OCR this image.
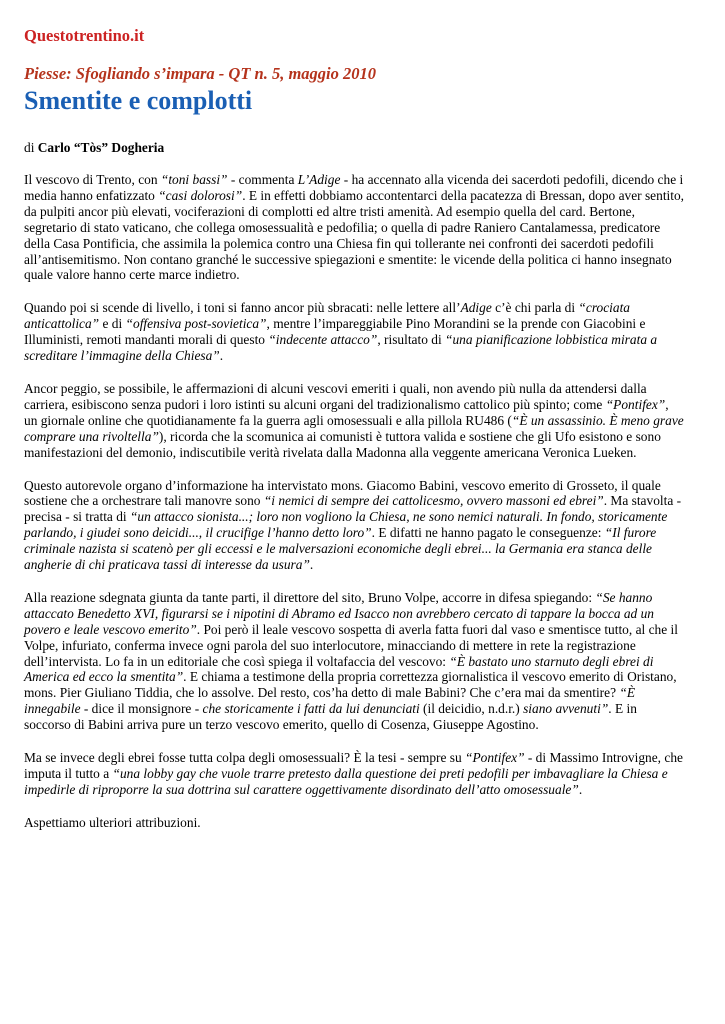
Questotrentino.it
Piesse: Sfogliando s’impara - QT n. 5, maggio 2010
Smentite e complotti
di Carlo “Tòs” Dogheria

Il vescovo di Trento, con “toni bassi” - commenta L’Adige - ha accennato alla vicenda dei sacerdoti pedofili, dicendo che i media hanno enfatizzato “casi dolorosi”. E in effetti dobbiamo accontentarci della pacatezza di Bressan, dopo aver sentito, da pulpiti ancor più elevati, vociferazioni di complotti ed altre tristi amenità. Ad esempio quella del card. Bertone, segretario di stato vaticano, che collega omosessualità e pedofilia; o quella di padre Raniero Cantalamessa, predicatore della Casa Pontificia, che assimila la polemica contro una Chiesa fin qui tollerante nei confronti dei sacerdoti pedofili all’antisemitismo. Non contano granché le successive spiegazioni e smentite: le vicende della politica ci hanno insegnato quale valore hanno certe marce indietro.

Quando poi si scende di livello, i toni si fanno ancor più sbracati: nelle lettere all’Adige c’è chi parla di “crociata anticattolica” e di “offensiva post-sovietica”, mentre l’impareggiabile Pino Morandini se la prende con Giacobini e Illuministi, remoti mandanti morali di questo “indecente attacco”, risultato di “una pianificazione lobbistica mirata a screditare l’immagine della Chiesa”.

Ancor peggio, se possibile, le affermazioni di alcuni vescovi emeriti i quali, non avendo più nulla da attendersi dalla carriera, esibiscono senza pudori i loro istinti su alcuni organi del tradizionalismo cattolico più spinto; come “Pontifex”, un giornale online che quotidianamente fa la guerra agli omosessuali e alla pillola RU486 (“È un assassinio. È meno grave comprare una rivoltella”), ricorda che la scomunica ai comunisti è tuttora valida e sostiene che gli Ufo esistono e sono manifestazioni del demonio, indiscutibile verità rivelata dalla Madonna alla veggente americana Veronica Lueken.

Questo autorevole organo d’informazione ha intervistato mons. Giacomo Babini, vescovo emerito di Grosseto, il quale sostiene che a orchestrare tali manovre sono “i nemici di sempre dei cattolicesmo, ovvero massoni ed ebrei”. Ma stavolta - precisa - si tratta di “un attacco sionista...; loro non vogliono la Chiesa, ne sono nemici naturali. In fondo, storicamente parlando, i giudei sono deicidi..., il crucifige l’hanno detto loro”. E difatti ne hanno pagato le conseguenze: “Il furore criminale nazista si scatenò per gli eccessi e le malversazioni economiche degli ebrei... la Germania era stanca delle angherie di chi praticava tassi di interesse da usura”.

Alla reazione sdegnata giunta da tante parti, il direttore del sito, Bruno Volpe, accorre in difesa spiegando: “Se hanno attaccato Benedetto XVI, figurarsi se i nipotini di Abramo ed Isacco non avrebbero cercato di tappare la bocca ad un povero e leale vescovo emerito”. Poi però il leale vescovo sospetta di averla fatta fuori dal vaso e smentisce tutto, al che il Volpe, infuriato, conferma invece ogni parola del suo interlocutore, minacciando di mettere in rete la registrazione dell’intervista. Lo fa in un editoriale che così spiega il voltafaccia del vescovo: “È bastato uno starnuto degli ebrei di America ed ecco la smentita”. E chiama a testimone della propria correttezza giornalistica il vescovo emerito di Oristano, mons. Pier Giuliano Tiddia, che lo assolve. Del resto, cos’ha detto di male Babini? Che c’era mai da smentire? “È innegabile - dice il monsignore - che storicamente i fatti da lui denunciati (il deicidio, n.d.r.) siano avvenuti”. E in soccorso di Babini arriva pure un terzo vescovo emerito, quello di Cosenza, Giuseppe Agostino.

Ma se invece degli ebrei fosse tutta colpa degli omosessuali? È la tesi - sempre su “Pontifex” - di Massimo Introvigne, che imputa il tutto a “una lobby gay che vuole trarre pretesto dalla questione dei preti pedofili per imbavagliare la Chiesa e impedirle di riproporre la sua dottrina sul carattere oggettivamente disordinato dell’atto omosessuale”.

Aspettiamo ulteriori attribuzioni.
